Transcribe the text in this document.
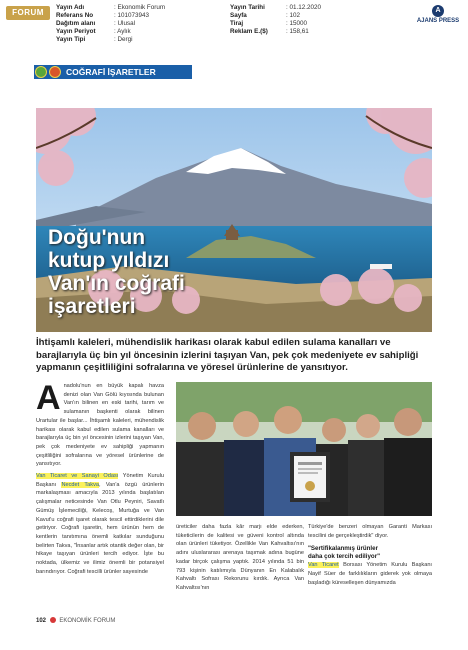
FORUM
Yayın Adı	: Ekonomik Forum
Referans No	: 101073943
Dağıtım alanı	: Ulusal
Yayın Periyot	: Aylık
Yayın Tipi	: Dergi
Yayın Tarihi	: 01.12.2020
Sayfa	: 102
Tiraj	: 15000
Reklam E.($)	: 158,61
A
AJANS PRESS
COĞRAFİ İŞARETLER
Doğu'nun
kutup yıldızı
Van'ın coğrafi
işaretleri
İhtişamlı kaleleri, mühendislik harikası olarak kabul edilen sulama kanalları ve barajlarıyla üç bin yıl öncesinin izlerini taşıyan Van, pek çok medeniyete ev sahipliği yapmanın çeşitliliğini sofralarına ve yöresel ürünlerine de yansıtıyor.
A nadolu'nun en büyük kapalı havza denizi olan Van Gölü kıyısında bulunan Van'ın bilinen en eski tarihi, tarım ve sulamanın başkenti olarak bilinen Urartular ile başlar... İhtişamlı kaleleri, mühendislik harikası olarak kabul edilen sulama kanalları ve barajlarıyla üç bin yıl öncesinin izlerini taşıyan Van, pek çok medeniyete ev sahipliği yapmanın çeşitliliğini sofralarına ve yöresel ürünlerine de yansıtıyor.
Van Ticaret ve Sanayi Odası Yönetim Kurulu Başkanı Necdet Takva, Van'a özgü ürünlerin markalaşması amacıyla 2013 yılında başlatılan çalışmalar neticesinde Van Otlu Peyniri, Savatlı Gümüş İşlemeciliği, Kelecoş, Murtuğa ve Van Kavut'u coğrafi işaret olarak tescil ettirdiklerini dile getiriyor. Coğrafi işaretin, hem ürünün hem de kentlerin tanıtımına önemli katkılar sunduğunu belirten Takva, "İnsanlar artık otantik değer olan, bir hikaye taşıyan ürünleri tercih ediyor. İşte bu noktada, ülkemiz ve ilimiz önemli bir potansiyel barındırıyor. Coğrafi tescilli ürünler sayesinde
üreticiler daha fazla kâr marjı elde ederken, tüketicilerin de kalitesi ve güveni kontrol altında olan ürünleri tüketiyor. Özellikle Van Kahvaltısı'nın adını uluslararası arenaya taşımak adına bugüne kadar birçok çalışma yaptık. 2014 yılında 51 bin 793 kişinin katılımıyla Dünyanın En Kalabalık Kahvaltı Sofrası Rekorunu kırdık. Ayrıca Van Kahvaltısı'nın
Türkiye'de benzeri olmayan Garanti Markası tescilini de gerçekleştirdik" diyor.
"Sertifikalanmış ürünler
daha çok tercih ediliyor"
Van Ticaret Borsası Yönetim Kurulu Başkanı Nayif Süer de farklılıkların giderek yok olmaya başladığı küreselleşen dünyamızda
102 EKONOMİK FORUM
